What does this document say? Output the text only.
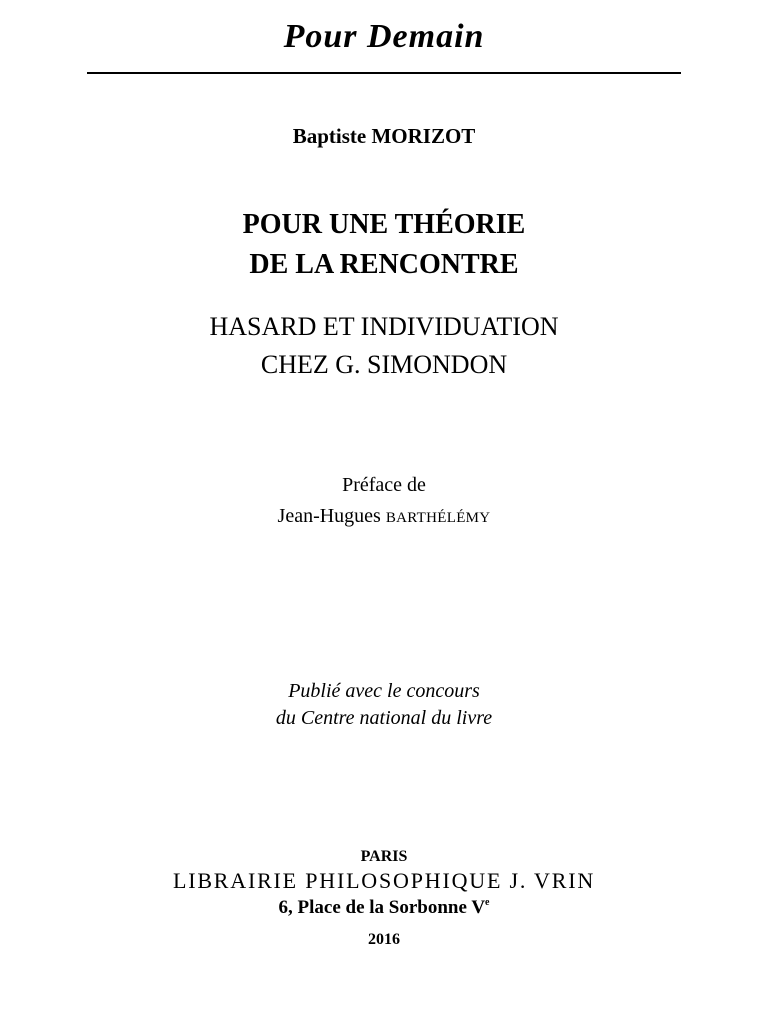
Pour Demain
Baptiste MORIZOT
POUR UNE THÉORIE
DE LA RENCONTRE
HASARD ET INDIVIDUATION
CHEZ G. SIMONDON
Préface de
Jean-Hugues BARTHÉLÉMY
Publié avec le concours
du Centre national du livre
PARIS
LIBRAIRIE PHILOSOPHIQUE J. VRIN
6, Place de la Sorbonne Ve
2016
